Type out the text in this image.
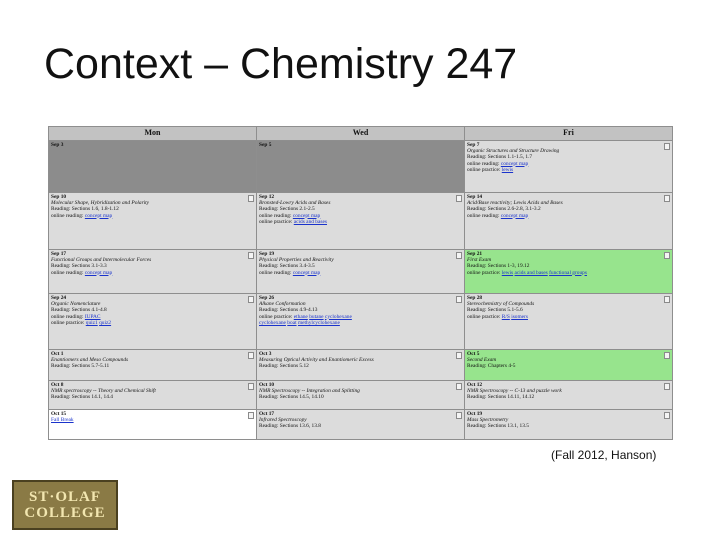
Context – Chemistry 247
Mon	Wed	Fri

Sep 3	Sep 5	Sep 7
Organic Structures and Structure Drawing
Reading: Sections 1.1-1.5, 1.7
online reading: concept map
online practice: lewis

Sep 10
Molecular Shape, Hybridization and Polarity
Reading: Sections 1.6, 1.8-1.12
online reading: concept map	Sep 12
Bronsted-Lowry Acids and Bases
Reading: Sections 2.1-2.5
online reading: concept map
online practice: acids and bases	Sep 14
Acid/Base reactivity; Lewis Acids and Bases
Reading: Sections 2.6-2.8, 3.1-3.2
online reading: concept map

Sep 17
Functional Groups and Intermolecular Forces
Reading: Sections 3.1-3.3
online reading: concept map	Sep 19
Physical Properties and Reactivity
Reading: Sections 3.4-3.5
online reading: concept map	Sep 21
First Exam
Reading: Sections 1-3, 19.12
online practice: lewis acids and bases functional groups

Sep 24
Organic Nomenclature
Reading: Sections 4.1-4.8
online reading: IUPAC
online practice: quiz1 quiz2	Sep 26
Alkane Conformation
Reading: Sections 4.9-4.13
online practice: ethane butane cyclohexane
cyclohexane boat methylcyclohexane	Sep 28
Stereochemistry of Compounds
Reading: Sections 5.1-5.6
online practice: R/S isomers

Oct 1
Enantiomers and Meso Compounds
Reading: Sections 5.7-5.11	Oct 3
Measuring Optical Activity and Enantiomeric Excess
Reading: Sections 5.12	Oct 5
Second Exam
Reading: Chapters 4-5

Oct 8
NMR spectroscopy -- Theory and Chemical Shift
Reading: Sections 14.1, 14.4	Oct 10
NMR Spectroscopy -- Integration and Splitting
Reading: Sections 14.5, 14.10	Oct 12
NMR Spectroscopy -- C-13 and puzzle work
Reading: Sections 14.11, 14.12

Oct 15
Fall Break	Oct 17
Infrared Spectroscopy
Reading: Sections 13.6, 13.8	Oct 19
Mass Spectrometry
Reading: Sections 13.1, 13.5
(Fall 2012, Hanson)
ST·OLAF
COLLEGE
